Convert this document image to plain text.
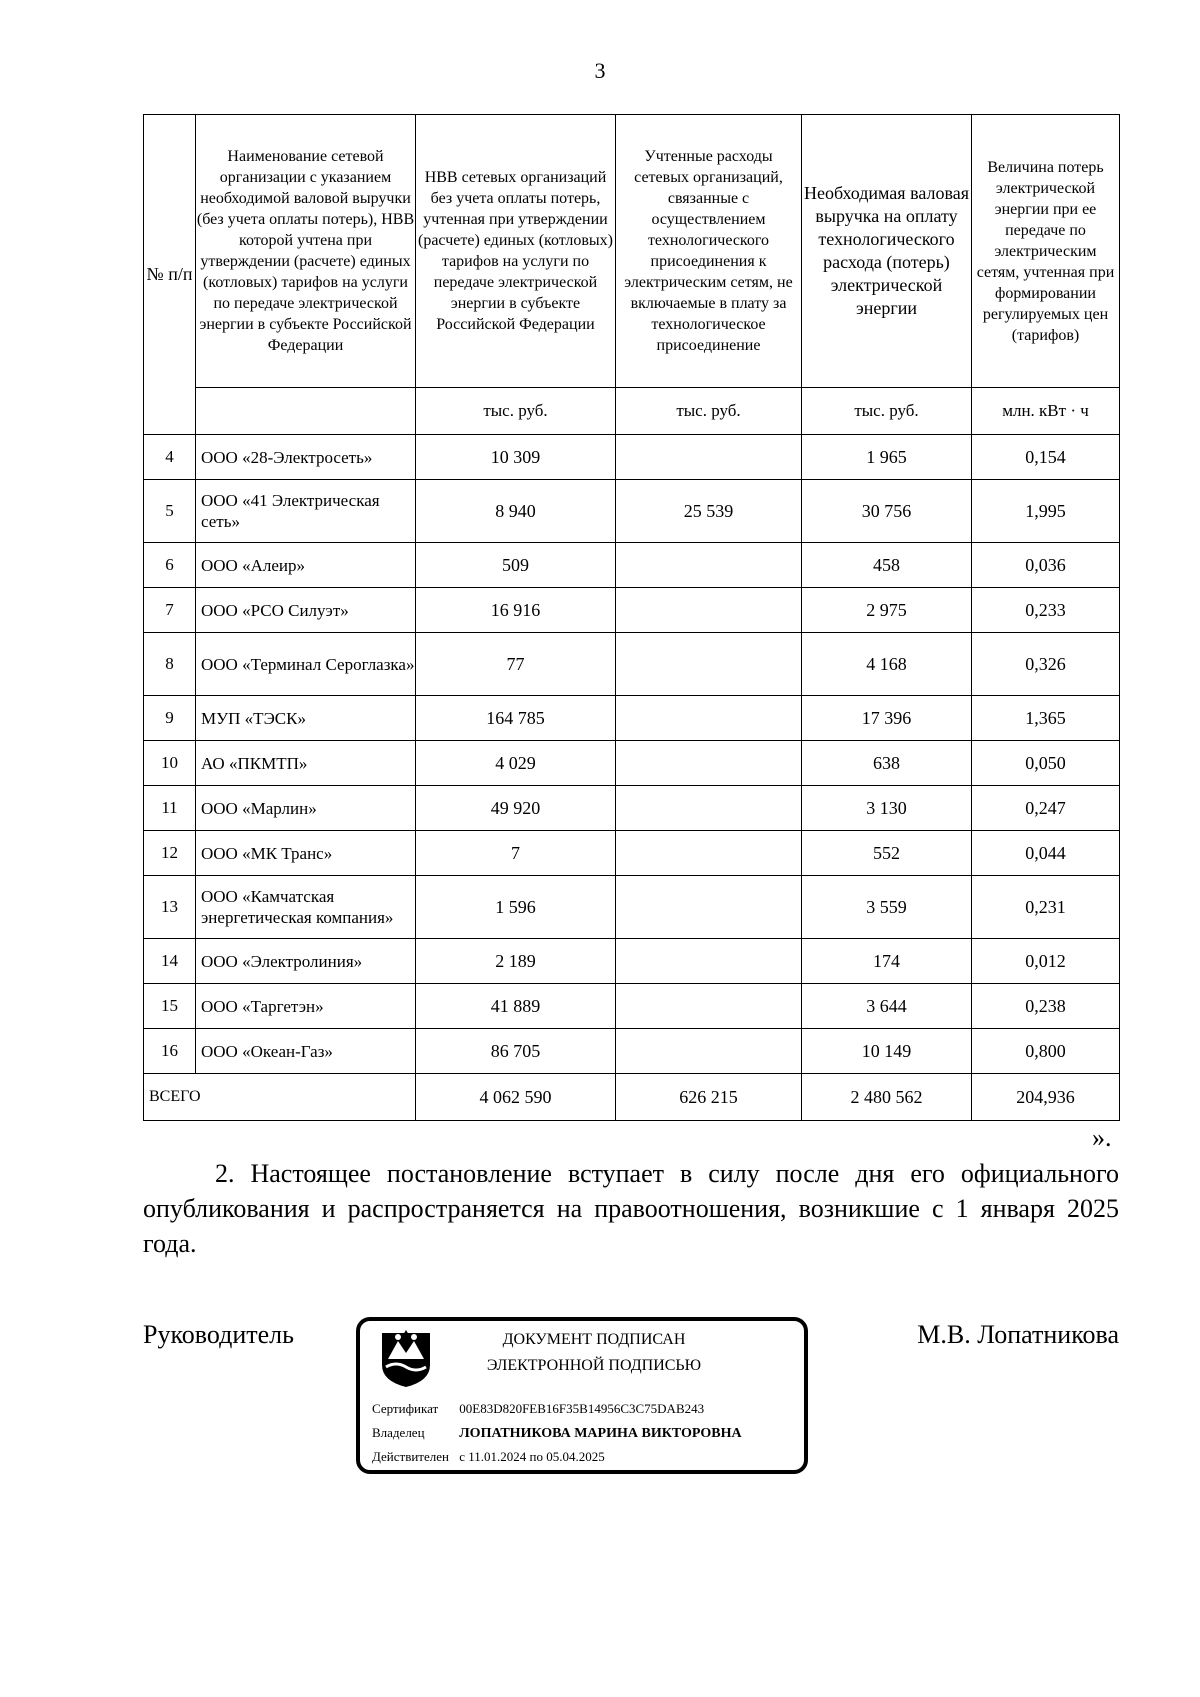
3
№ п/п	Наименование сетевой организации с указанием необходимой валовой выручки (без учета оплаты потерь), НВВ которой учтена при утверждении (расчете) единых (котловых) тарифов на услуги по передаче электрической энергии в субъекте Российской Федерации	НВВ сетевых организаций без учета оплаты потерь, учтенная при утверждении (расчете) единых (котловых) тарифов на услуги по передаче электрической энергии в субъекте Российской Федерации	Учтенные расходы сетевых организаций, связанные с осуществлением технологического присоединения к электрическим сетям, не включаемые в плату за технологическое присоединение	Необходимая валовая выручка на оплату технологического расхода (потерь) электрической энергии	Величина потерь электрической энергии при ее передаче по электрическим сетям, учтенная при формировании регулируемых цен (тарифов)
		тыс. руб.	тыс. руб.	тыс. руб.	млн. кВт · ч
4	ООО «28-Электросеть»	10 309		1 965	0,154
5	ООО «41 Электрическая сеть»	8 940	25 539	30 756	1,995
6	ООО «Алеир»	509		458	0,036
7	ООО «РСО Силуэт»	16 916		2 975	0,233
8	ООО «Терминал Сероглазка»	77		4 168	0,326
9	МУП «ТЭСК»	164 785		17 396	1,365
10	АО «ПКМТП»	4 029		638	0,050
11	ООО «Марлин»	49 920		3 130	0,247
12	ООО «МК Транс»	7		552	0,044
13	ООО «Камчатская энергетическая компания»	1 596		3 559	0,231
14	ООО «Электролиния»	2 189		174	0,012
15	ООО «Таргетэн»	41 889		3 644	0,238
16	ООО «Океан-Газ»	86 705		10 149	0,800
ВСЕГО		4 062 590	626 215	2 480 562	204,936
».
2. Настоящее постановление вступает в силу после дня его официального опубликования и распространяется на правоотношения, возникшие с 1 января 2025 года.
Руководитель	М.В. Лопатникова
ДОКУМЕНТ ПОДПИСАН
ЭЛЕКТРОННОЙ ПОДПИСЬЮ
Сертификат 00E83D820FEB16F35B14956C3C75DAB243
Владелец ЛОПАТНИКОВА МАРИНА ВИКТОРОВНА
Действителен с 11.01.2024 по 05.04.2025
